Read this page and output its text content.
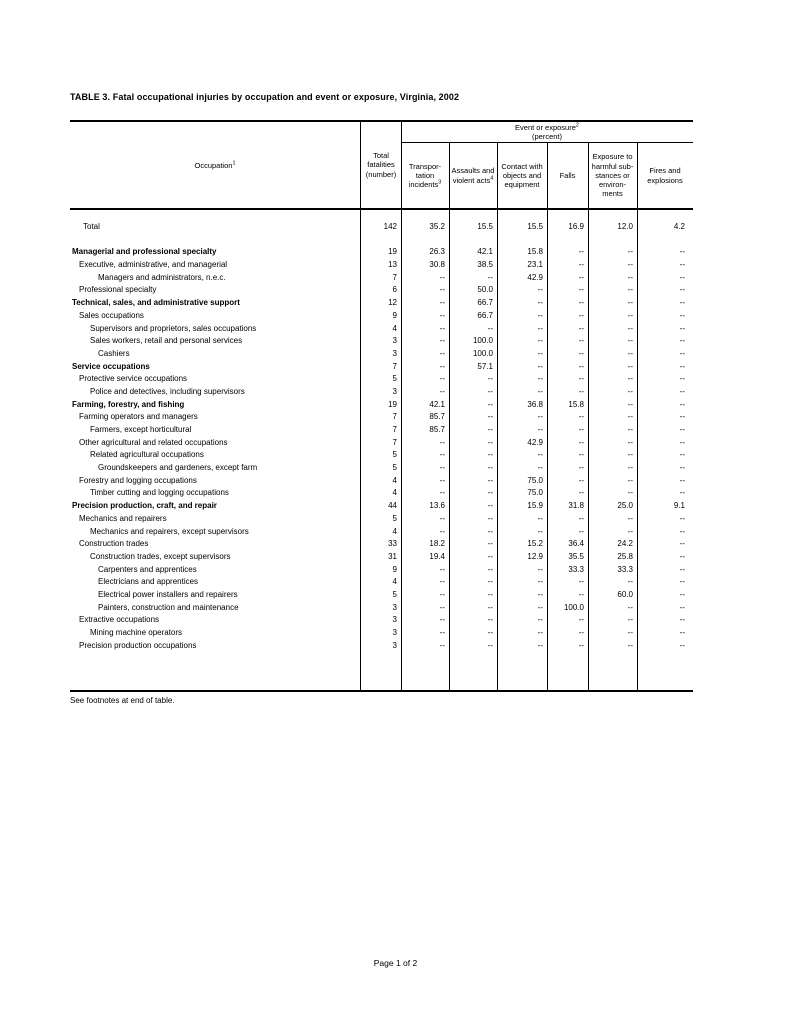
TABLE 3. Fatal occupational injuries by occupation and event or exposure, Virginia, 2002
Occupation$^1$
Total
fatalities
(number)
Event or exposure$^2$
(percent)
Transpor-
tation
incidents$^3$
Assaults and
violent acts$^4$
Contact with
objects and
equipment
Falls
Exposure to
harmful sub-
stances or
environ-
ments
Fires and
explosions
Total	142	35.2	15.5	15.5	16.9	12.0	4.2
Managerial and professional specialty	19	26.3	42.1	15.8	--	--	--
Executive, administrative, and managerial	13	30.8	38.5	23.1	--	--	--
Managers and administrators, n.e.c.	7	--	--	42.9	--	--	--
Professional specialty	6	--	50.0	--	--	--	--
Technical, sales, and administrative support	12	--	66.7	--	--	--	--
Sales occupations	9	--	66.7	--	--	--	--
Supervisors and proprietors, sales occupations	4	--	--	--	--	--	--
Sales workers, retail and personal services	3	--	100.0	--	--	--	--
Cashiers	3	--	100.0	--	--	--	--
Service occupations	7	--	57.1	--	--	--	--
Protective service occupations	5	--	--	--	--	--	--
Police and detectives, including supervisors	3	--	--	--	--	--	--
Farming, forestry, and fishing	19	42.1	--	36.8	15.8	--	--
Farming operators and managers	7	85.7	--	--	--	--	--
Farmers, except horticultural	7	85.7	--	--	--	--	--
Other agricultural and related occupations	7	--	--	42.9	--	--	--
Related agricultural occupations	5	--	--	--	--	--	--
Groundskeepers and gardeners, except farm	5	--	--	--	--	--	--
Forestry and logging occupations	4	--	--	75.0	--	--	--
Timber cutting and logging occupations	4	--	--	75.0	--	--	--
Precision production, craft, and repair	44	13.6	--	15.9	31.8	25.0	9.1
Mechanics and repairers	5	--	--	--	--	--	--
Mechanics and repairers, except supervisors	4	--	--	--	--	--	--
Construction trades	33	18.2	--	15.2	36.4	24.2	--
Construction trades, except supervisors	31	19.4	--	12.9	35.5	25.8	--
Carpenters and apprentices	9	--	--	--	33.3	33.3	--
Electricians and apprentices	4	--	--	--	--	--	--
Electrical power installers and repairers	5	--	--	--	--	60.0	--
Painters, construction and maintenance	3	--	--	--	100.0	--	--
Extractive occupations	3	--	--	--	--	--	--
Mining machine operators	3	--	--	--	--	--	--
Precision production occupations	3	--	--	--	--	--	--
See footnotes at end of table.
Page 1 of 2
